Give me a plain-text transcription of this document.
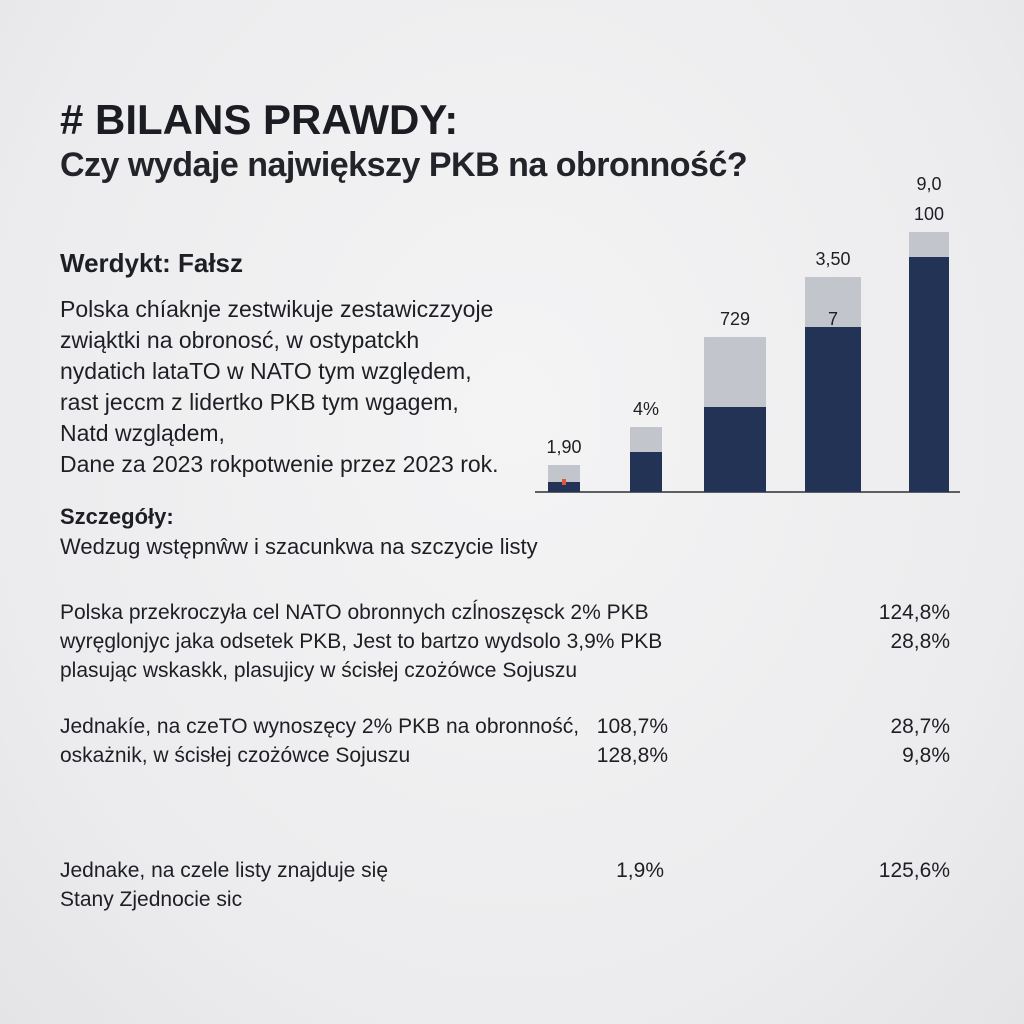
# BILANS PRAWDY:
Czy wydaje największy PKB na obronność?
Werdykt: Fałsz
Polska chíaknje zestwikuje zestawiczzyoje
zwiąktki na obronosć, w ostypatckh
nydatich lataTO w NATO tym względem,
rast jeccm z lidertko PKB tym wgagem,
Natd wzglądem,
Dane za 2023 rokpotwenie przez 2023 rok.
1,90
4%
729
3,50
7
100
9,0
Szczegóły:
Wedzug wstępnŵw i szacunkwa na szczycie listy
Polska przekroczyła cel NATO obronnych czĺnoszęsck 2% PKB
wyręglonjyc jaka odsetek PKB, Jest to bartzo wydsolo 3,9% PKB
plasując wskaskk, plasujicy w ścisłej czożówce Sojuszu
124,8%
28,8%
Jednakíe, na czeTO wynoszęcy 2% PKB na obronność,
oskażnik, w ścisłej czożówce Sojuszu
108,7%
128,8%
28,7%
9,8%
Jednake, na czele listy znajduje się
Stany Zjednocie sic
1,9%	125,6%
